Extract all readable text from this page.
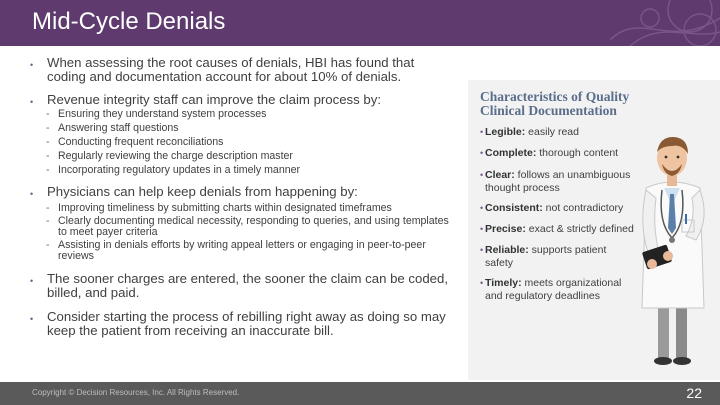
Mid-Cycle Denials
• When assessing the root causes of denials, HBI has found that coding and documentation account for about 10% of denials.
• Revenue integrity staff can improve the claim process by:
- Ensuring they understand system processes
- Answering staff questions
- Conducting frequent reconciliations
- Regularly reviewing the charge description master
- Incorporating regulatory updates in a timely manner
• Physicians can help keep denials from happening by:
- Improving timeliness by submitting charts within designated timeframes
- Clearly documenting medical necessity, responding to queries, and using templates to meet payer criteria
- Assisting in denials efforts by writing appeal letters or engaging in peer-to-peer reviews
• The sooner charges are entered, the sooner the claim can be coded, billed, and paid.
• Consider starting the process of rebilling right away as doing so may keep the patient from receiving an inaccurate bill.
Characteristics of Quality Clinical Documentation
• Legible: easily read
• Complete: thorough content
• Clear: follows an unambiguous thought process
• Consistent: not contradictory
• Precise: exact & strictly defined
• Reliable: supports patient safety
• Timely: meets organizational and regulatory deadlines
Copyright © Decision Resources, Inc. All Rights Reserved.	22
